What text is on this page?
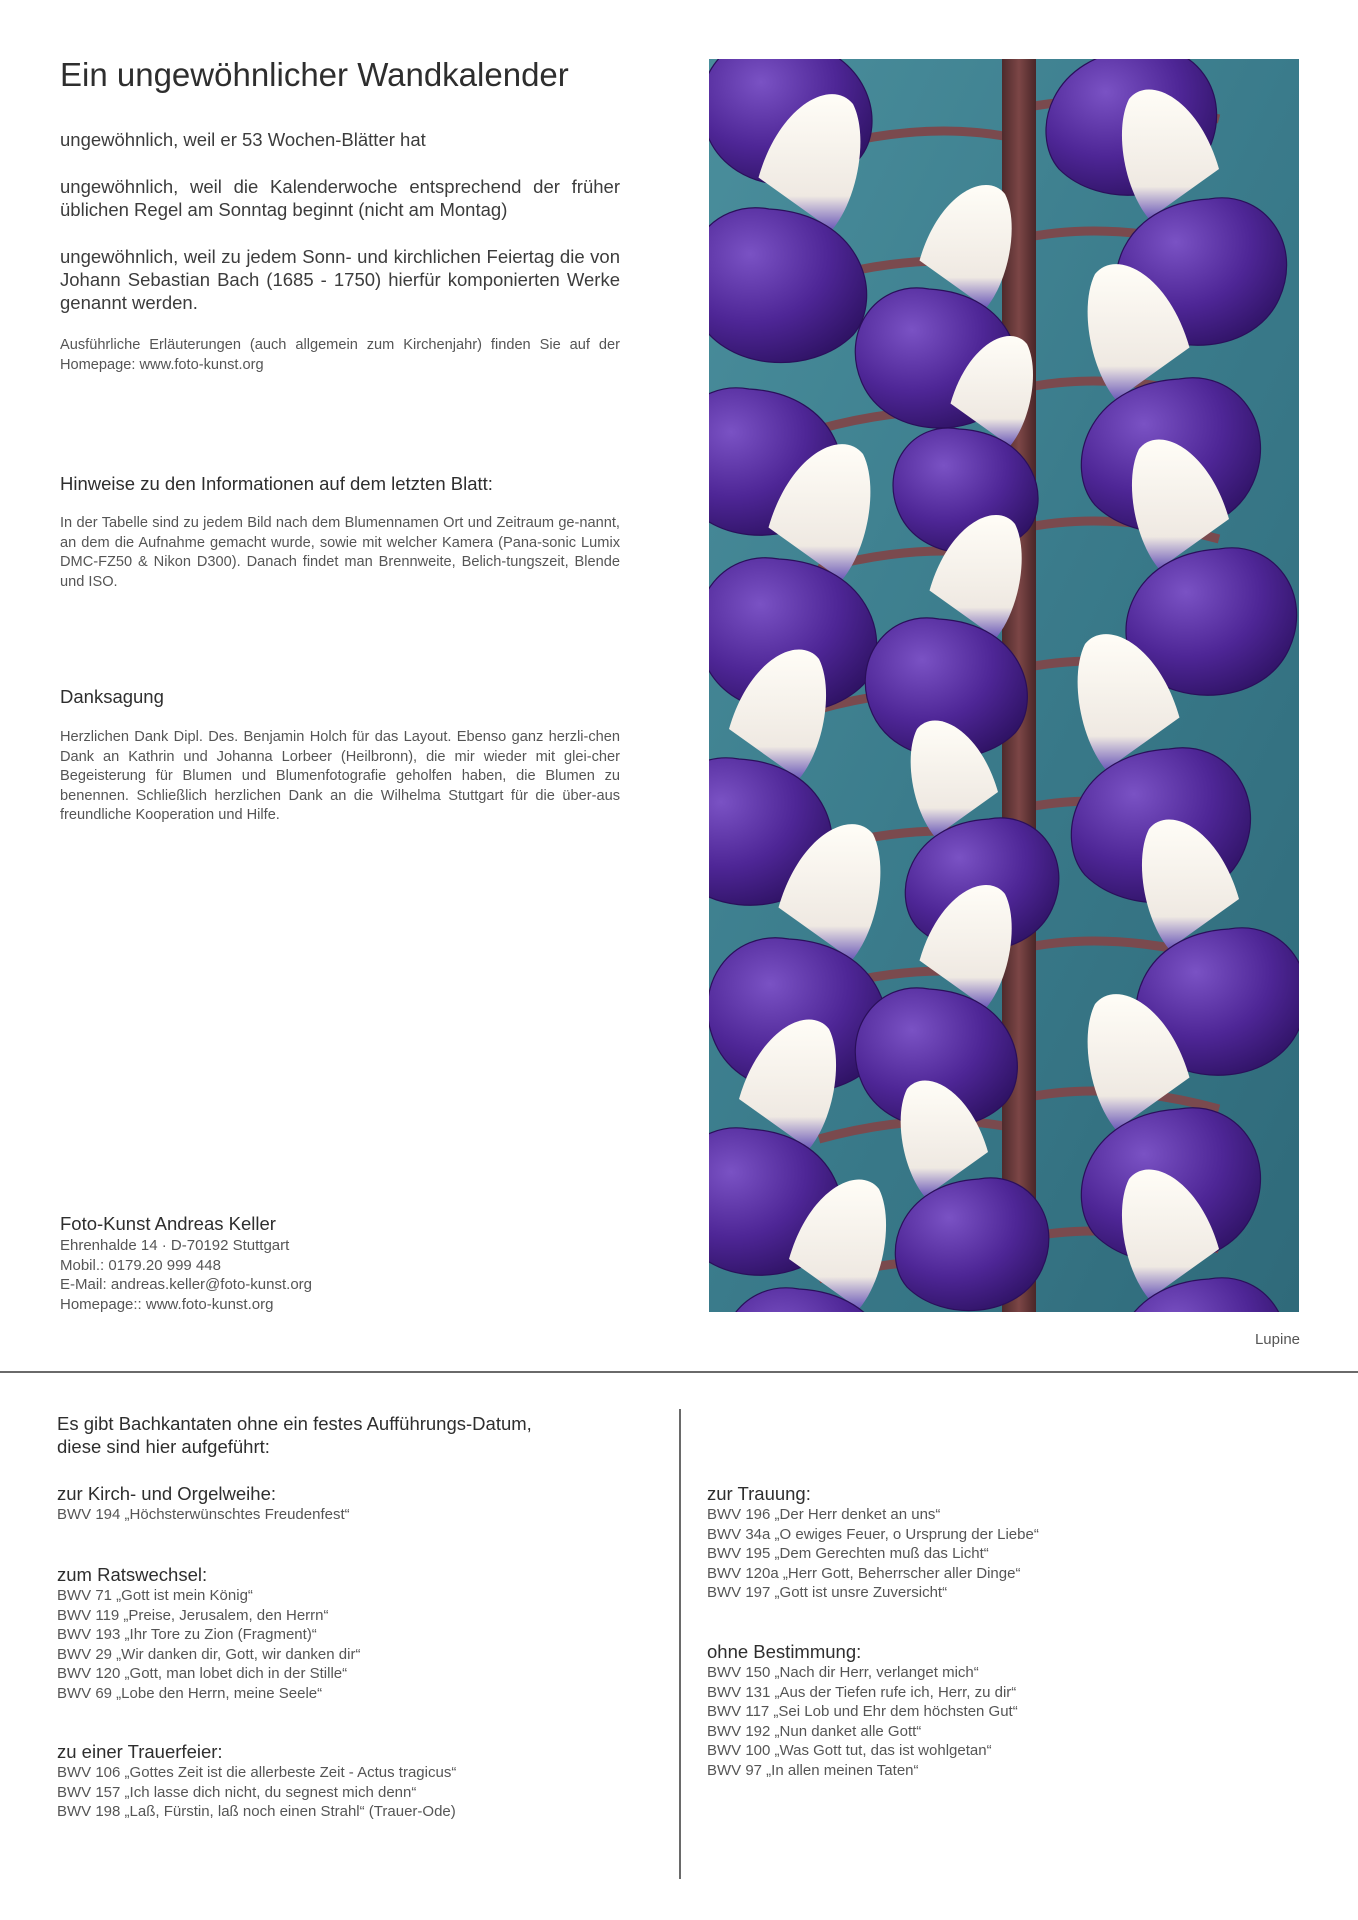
Ein ungewöhnlicher Wandkalender

ungewöhnlich, weil er 53 Wochen-Blätter hat

ungewöhnlich, weil die Kalenderwoche entsprechend der früher üblichen Regel am Sonntag beginnt (nicht am Montag)

ungewöhnlich, weil zu jedem Sonn- und kirchlichen Feiertag die von Johann Sebastian Bach (1685 - 1750) hierfür komponierten Werke genannt werden.

Ausführliche Erläuterungen (auch allgemein zum Kirchenjahr) finden Sie auf der Homepage: www.foto-kunst.org

Hinweise zu den Informationen auf dem letzten Blatt:

In der Tabelle sind zu jedem Bild nach dem Blumennamen Ort und Zeitraum ge-nannt, an dem die Aufnahme gemacht wurde, sowie mit welcher Kamera (Pana-sonic Lumix DMC-FZ50 & Nikon D300). Danach findet man Brennweite, Belich-tungszeit, Blende und ISO.

Danksagung

Herzlichen Dank Dipl. Des. Benjamin Holch für das Layout. Ebenso ganz herzli-chen Dank an Kathrin und Johanna Lorbeer (Heilbronn), die mir wieder mit glei-cher Begeisterung für Blumen und Blumenfotografie geholfen haben, die Blumen zu benennen. Schließlich herzlichen Dank an die Wilhelma Stuttgart für die über-aus freundliche Kooperation und Hilfe.

Foto-Kunst Andreas Keller
Ehrenhalde 14 · D-70192 Stuttgart
Mobil.: 0179.20 999 448
E-Mail: andreas.keller@foto-kunst.org
Homepage:: www.foto-kunst.org
Lupine
Es gibt Bachkantaten ohne ein festes Aufführungs-Datum,
diese sind hier aufgeführt:
zur Kirch- und Orgelweihe:
BWV 194 „Höchsterwünschtes Freudenfest“
zum Ratswechsel:
BWV 71 „Gott ist mein König“
BWV 119 „Preise, Jerusalem, den Herrn“
BWV 193 „Ihr Tore zu Zion (Fragment)“
BWV 29 „Wir danken dir, Gott, wir danken dir“
BWV 120 „Gott, man lobet dich in der Stille“
BWV 69 „Lobe den Herrn, meine Seele“
zu einer Trauerfeier:
BWV 106 „Gottes Zeit ist die allerbeste Zeit - Actus tragicus“
BWV 157 „Ich lasse dich nicht, du segnest mich denn“
BWV 198 „Laß, Fürstin, laß noch einen Strahl“ (Trauer-Ode)
zur Trauung:
BWV 196 „Der Herr denket an uns“
BWV 34a „O ewiges Feuer, o Ursprung der Liebe“
BWV 195 „Dem Gerechten muß das Licht“
BWV 120a „Herr Gott, Beherrscher aller Dinge“
BWV 197 „Gott ist unsre Zuversicht“
ohne Bestimmung:
BWV 150 „Nach dir Herr, verlanget mich“
BWV 131 „Aus der Tiefen rufe ich, Herr, zu dir“
BWV 117 „Sei Lob und Ehr dem höchsten Gut“
BWV 192 „Nun danket alle Gott“
BWV 100 „Was Gott tut, das ist wohlgetan“
BWV 97 „In allen meinen Taten“
